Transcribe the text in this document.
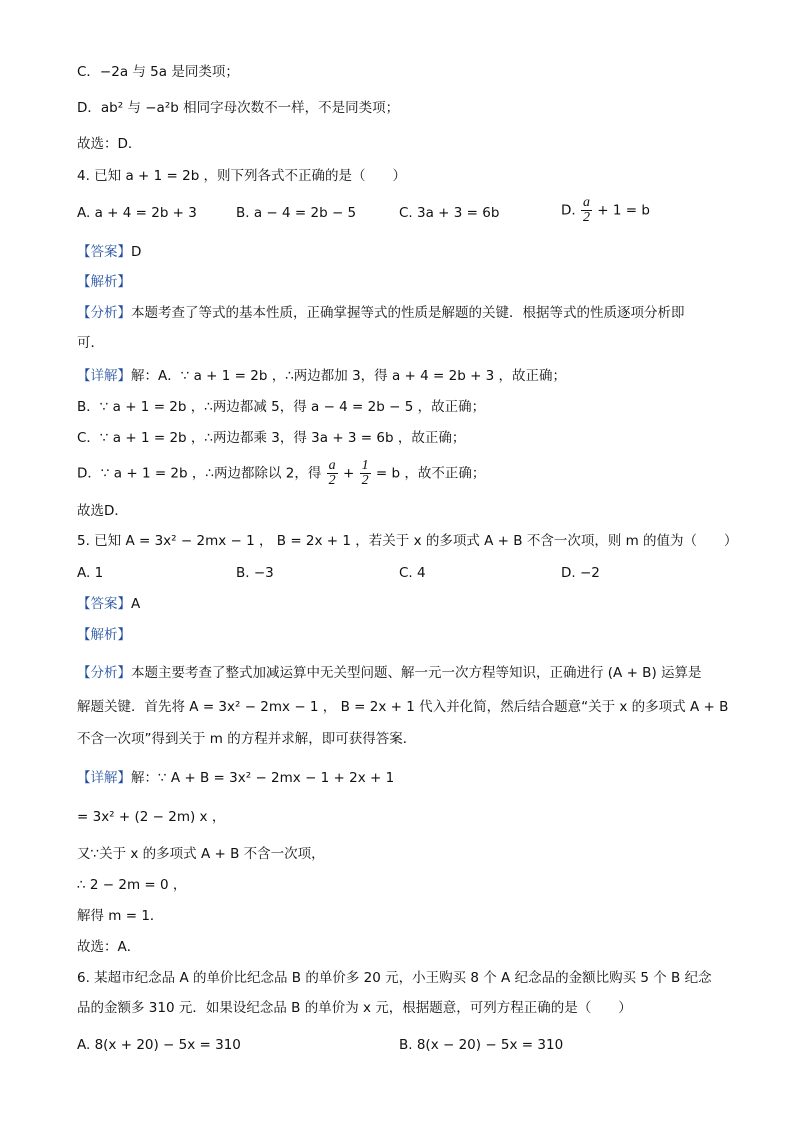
C．−2a 与 5a 是同类项；
D．ab² 与 −a²b 相同字母次数不一样，不是同类项；
故选：D．
4. 已知 a + 1 = 2b ，则下列各式不正确的是（　　）
A. a + 4 = 2b + 3	B. a − 4 = 2b − 5	C. 3a + 3 = 6b	D. $\frac{a}{2} + 1 = b$
【答案】D
【解析】
【分析】本题考查了等式的基本性质，正确掌握等式的性质是解题的关键．根据等式的性质逐项分析即
可．
【详解】解：A．∵ a + 1 = 2b ，∴两边都加 3，得 a + 4 = 2b + 3 ，故正确；
B．∵ a + 1 = 2b ，∴两边都减 5，得 a − 4 = 2b − 5 ，故正确；
C．∵ a + 1 = 2b ，∴两边都乘 3，得 3a + 3 = 6b ，故正确；
D．∵ a + 1 = 2b ，∴两边都除以 2，得 $\frac{a}{2} + \frac{1}{2} = b$ ，故不正确；
故选D．
5. 已知 A = 3x² − 2mx − 1 ， B = 2x + 1 ，若关于 x 的多项式 A + B 不含一次项，则 m 的值为（　　）
A. 1	B. −3	C. 4	D. −2
【答案】A
【解析】
【分析】本题主要考查了整式加减运算中无关型问题、解一元一次方程等知识，正确进行 (A + B) 运算是
解题关键．首先将 A = 3x² − 2mx − 1 ， B = 2x + 1 代入并化简，然后结合题意“关于 x 的多项式 A + B
不含一次项”得到关于 m 的方程并求解，即可获得答案．
【详解】解：∵ A + B = 3x² − 2mx − 1 + 2x + 1
= 3x² + (2 − 2m) x ，
又∵关于 x 的多项式 A + B 不含一次项，
∴ 2 − 2m = 0 ，
解得 m = 1．
故选：A．
6. 某超市纪念品 A 的单价比纪念品 B 的单价多 20 元，小王购买 8 个 A 纪念品的金额比购买 5 个 B 纪念
品的金额多 310 元．如果设纪念品 B 的单价为 x 元，根据题意，可列方程正确的是（　　）
A. 8(x + 20) − 5x = 310	B. 8(x − 20) − 5x = 310
